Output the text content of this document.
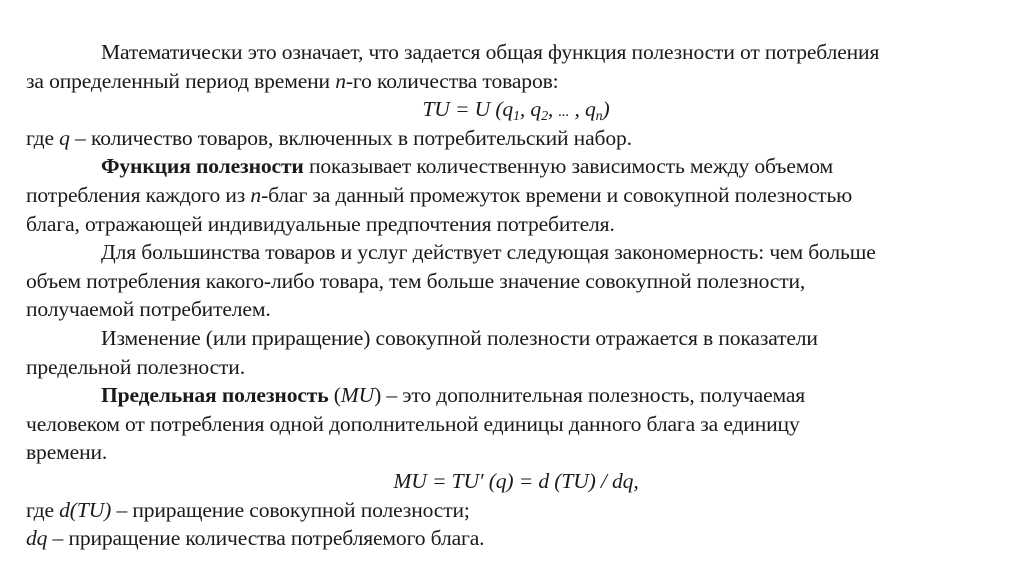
Математически это означает, что задается общая функция полезности от потребления
за определенный период времени n-го количества товаров:
TU = U ($q_1$, $q_2$, ... , $q_n$)
где q – количество товаров, включенных в потребительский набор.
Функция полезности показывает количественную зависимость между объемом
потребления каждого из n-благ за данный промежуток времени и совокупной полезностью
блага, отражающей индивидуальные предпочтения потребителя.
Для большинства товаров и услуг действует следующая закономерность: чем больше
объем потребления какого-либо товара, тем больше значение совокупной полезности,
получаемой потребителем.
Изменение (или приращение) совокупной полезности отражается в показатели
предельной полезности.
Предельная полезность (MU) – это дополнительная полезность, получаемая
человеком от потребления одной дополнительной единицы данного блага за единицу
времени.
MU = TU′ (q) = d (TU) / dq,
где d(TU) – приращение совокупной полезности;
dq – приращение количества потребляемого блага.
